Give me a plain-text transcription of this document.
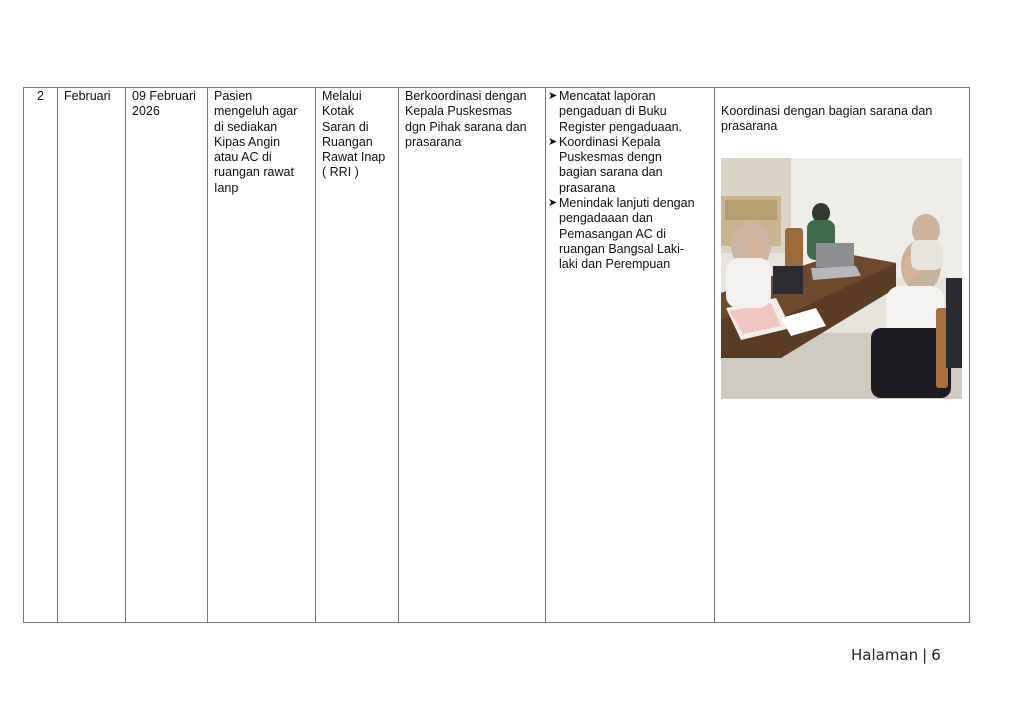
2	Februari	09 Februari
2026

Pasien
mengeluh agar
di sediakan
Kipas Angin
atau AC di
ruangan rawat
Ianp

Melalui
Kotak
Saran di
Ruangan
Rawat Inap
( RRI )

Berkoordinasi dengan
Kepala Puskesmas
dgn Pihak sarana dan
prasarana

➤ Mencatat laporan
pengaduan di Buku
Register pengaduaan.
➤ Koordinasi Kepala
Puskesmas dengn
bagian sarana dan
prasarana
➤ Menindak lanjuti dengan
pengadaaan dan
Pemasangan AC di
ruangan Bangsal Laki-
laki dan Perempuan

Koordinasi dengan bagian sarana dan
prasarana
Halaman | 6
